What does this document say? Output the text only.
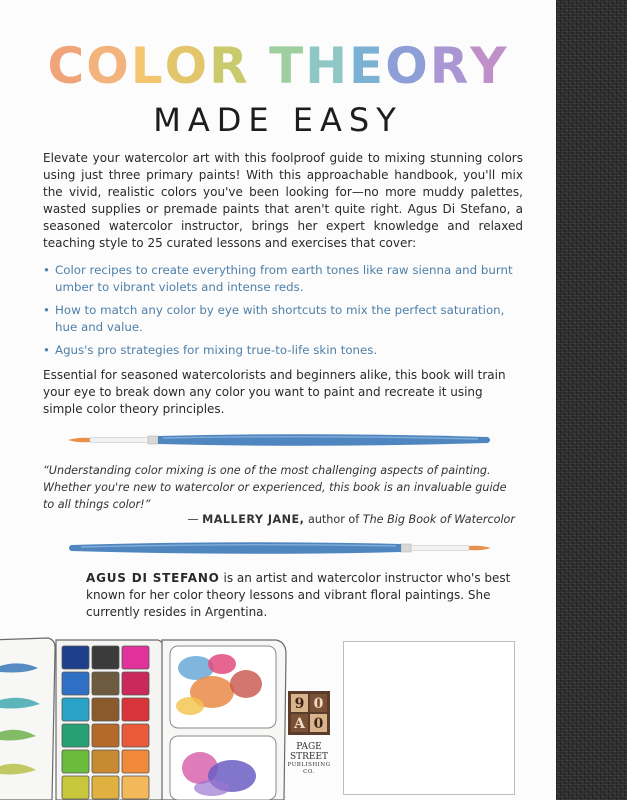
COLOR THEORY
MADE EASY
Elevate your watercolor art with this foolproof guide to mixing stunning colors using just three primary paints! With this approachable handbook, you'll mix the vivid, realistic colors you've been looking for—no more muddy palettes, wasted supplies or premade paints that aren't quite right. Agus Di Stefano, a seasoned watercolor instructor, brings her expert knowledge and relaxed teaching style to 25 curated lessons and exercises that cover:
• Color recipes to create everything from earth tones like raw sienna and burnt umber to vibrant violets and intense reds.
• How to match any color by eye with shortcuts to mix the perfect saturation, hue and value.
• Agus's pro strategies for mixing true-to-life skin tones.
Essential for seasoned watercolorists and beginners alike, this book will train your eye to break down any color you want to paint and recreate it using simple color theory principles.
“Understanding color mixing is one of the most challenging aspects of painting. Whether you're new to watercolor or experienced, this book is an invaluable guide to all things color!”
— MALLERY JANE, author of The Big Book of Watercolor
AGUS DI STEFANO is an artist and watercolor instructor who's best known for her color theory lessons and vibrant floral paintings. She currently resides in Argentina.
9 0
A 0
PAGE STREET
PUBLISHING CO.
